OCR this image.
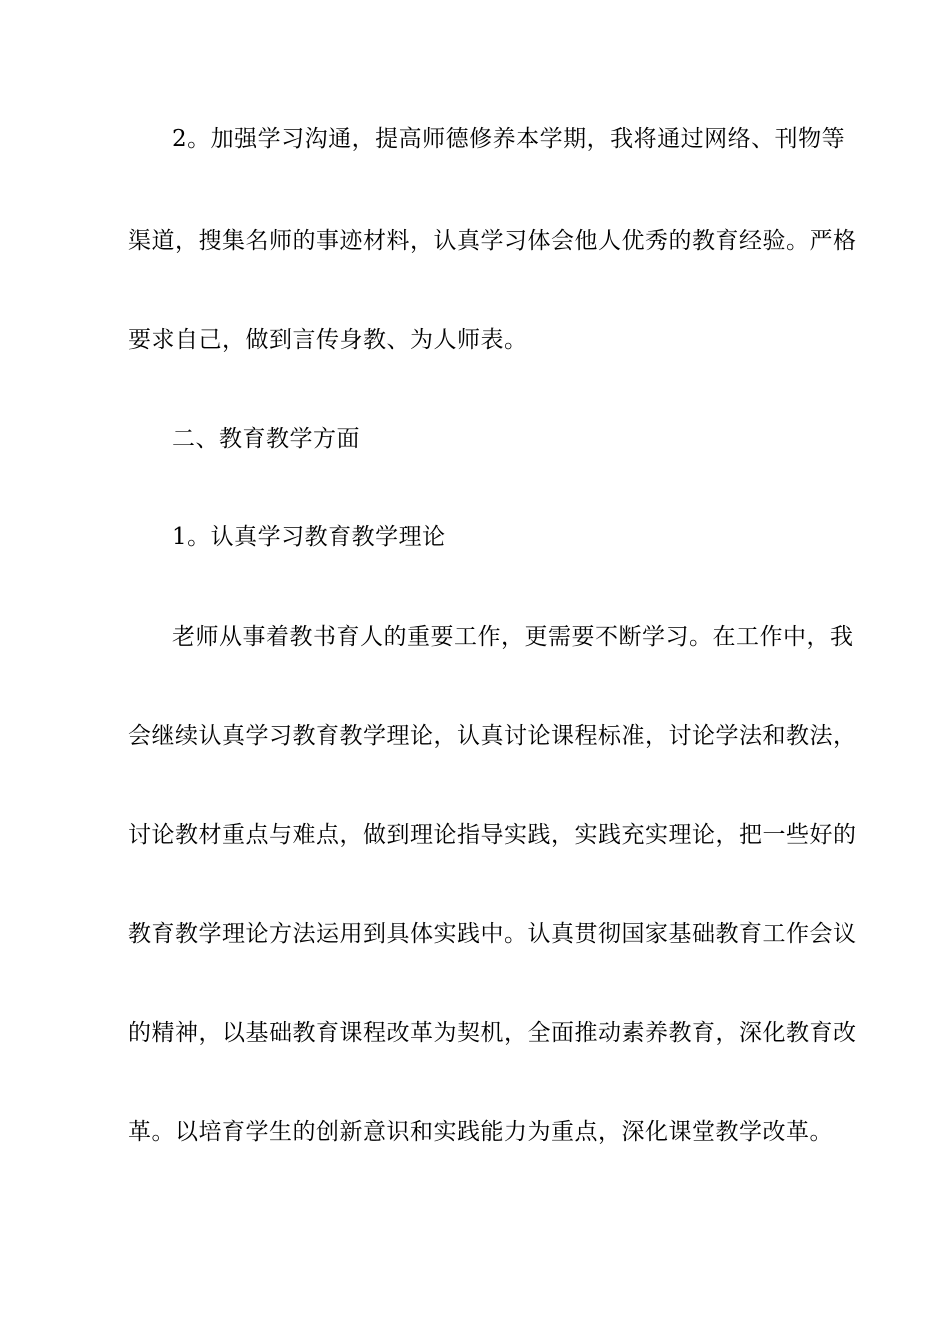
2。加强学习沟通，提高师德修养本学期，我将通过网络、刊物等
渠道，搜集名师的事迹材料，认真学习体会他人优秀的教育经验。严格
要求自己，做到言传身教、为人师表。
二、教育教学方面
1。认真学习教育教学理论
老师从事着教书育人的重要工作，更需要不断学习。在工作中，我
会继续认真学习教育教学理论，认真讨论课程标准，讨论学法和教法，
讨论教材重点与难点，做到理论指导实践，实践充实理论，把一些好的
教育教学理论方法运用到具体实践中。认真贯彻国家基础教育工作会议
的精神，以基础教育课程改革为契机，全面推动素养教育，深化教育改
革。以培育学生的创新意识和实践能力为重点，深化课堂教学改革。
